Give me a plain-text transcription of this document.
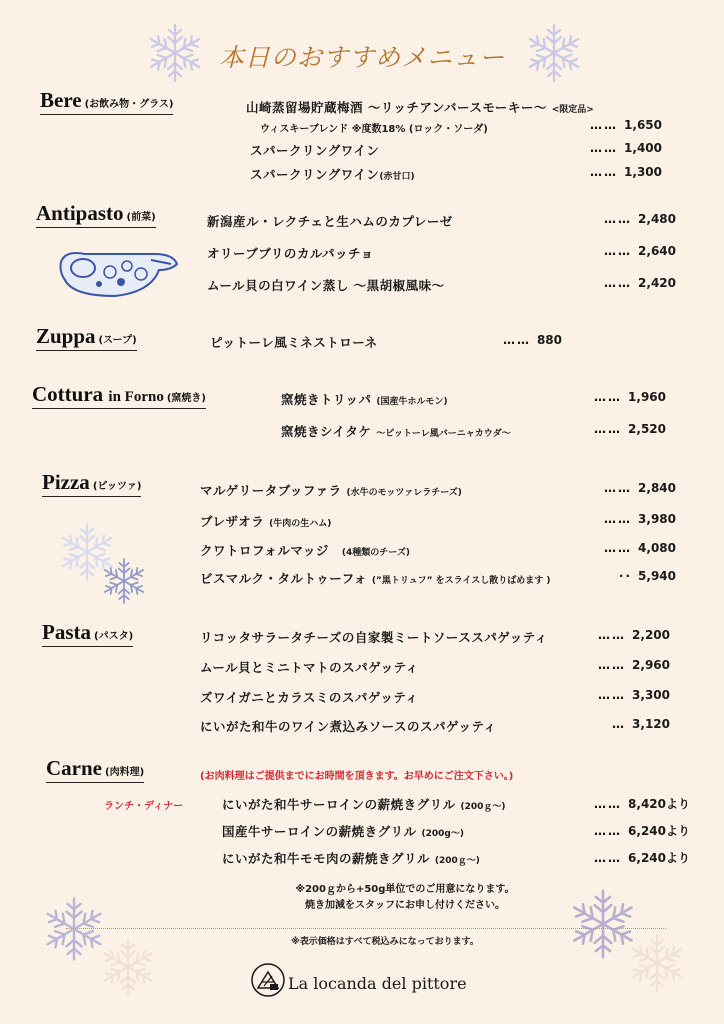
本日のおすすめメニュー
Bere (お飲み物・グラス)	山崎蒸留場貯蔵梅酒 ～リッチアンバースモーキー～ <限定品>
ウィスキーブレンド ※度数18% (ロック・ソーダ)	…… 1,650
スパークリングワイン	…… 1,400
スパークリングワイン(赤甘口)	…… 1,300
Antipasto (前菜)	新潟産ル・レクチェと生ハムのカプレーゼ	…… 2,480
オリーブブリのカルパッチョ	…… 2,640
ムール貝の白ワイン蒸し ～黒胡椒風味～	…… 2,420
Zuppa (スープ)	ピットーレ風ミネストローネ	…… 880
Cottura in Forno (窯焼き)	窯焼きトリッパ (国産牛ホルモン)	…… 1,960
窯焼きシイタケ ～ピットーレ風バーニャカウダ～	…… 2,520
Pizza (ピッツァ)	マルゲリータブッファラ (水牛のモッツァレラチーズ)	…… 2,840
ブレザオラ (牛肉の生ハム)	…… 3,980
クワトロフォルマッジ　 (4種類のチーズ)	…… 4,080
ビスマルク・タルトゥーフォ (”黒トリュフ” をスライスし散りばめます )	·· 5,940
Pasta (パスタ)	リコッタサラータチーズの自家製ミートソーススパゲッティ	…… 2,200
ムール貝とミニトマトのスパゲッティ	…… 2,960
ズワイガニとカラスミのスパゲッティ	…… 3,300
にいがた和牛のワイン煮込みソースのスパゲッティ	… 3,120
Carne (肉料理)	(お肉料理はご提供までにお時間を頂きます。お早めにご注文下さい。)
ランチ・ディナー	にいがた和牛サーロインの薪焼きグリル (200ｇ～)	…… 8,420より
国産牛サーロインの薪焼きグリル (200g～)	…… 6,240より
にいがた和牛モモ肉の薪焼きグリル (200ｇ～)	…… 6,240より
※200ｇから+50g単位でのご用意になります。
焼き加減をスタッフにお申し付けください。
※表示価格はすべて税込みになっております。
La locanda del pittore
